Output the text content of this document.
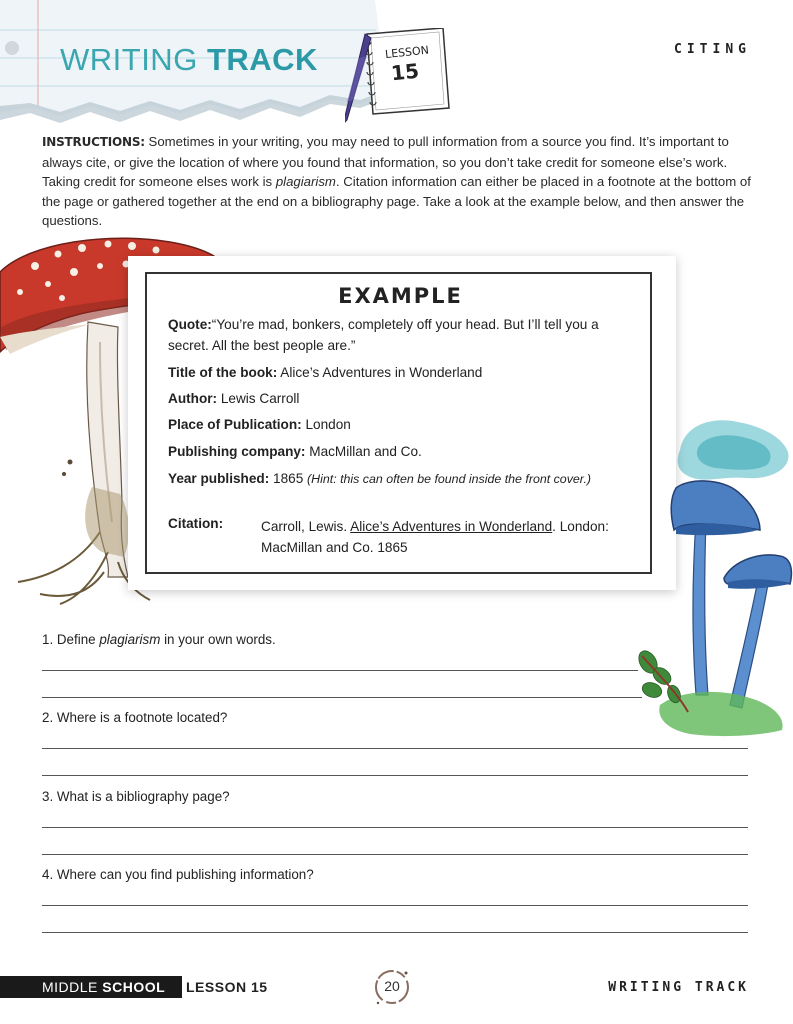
WRITING TRACK	LESSON
15
CITING
INSTRUCTIONS: Sometimes in your writing, you may need to pull information from a source you find. It’s important to always cite, or give the location of where you found that information, so you don’t take credit for someone else’s work. Taking credit for someone elses work is plagiarism. Citation information can either be placed in a footnote at the bottom of the page or gathered together at the end on a bibliography page. Take a look at the example below, and then answer the questions.
EXAMPLE
Quote:“You’re mad, bonkers, completely off your head. But I’ll tell you a secret. All the best people are.”
Title of the book: Alice’s Adventures in Wonderland
Author: Lewis Carroll
Place of Publication: London
Publishing company: MacMillan and Co.
Year published: 1865 (Hint: this can often be found inside the front cover.)
Citation:	Carroll, Lewis. Alice’s Adventures in Wonderland. London: MacMillan and Co. 1865
1. Define plagiarism in your own words.
2. Where is a footnote located?
3. What is a bibliography page?
4. Where can you find publishing information?
MIDDLE SCHOOL LESSON 15	20	WRITING TRACK
